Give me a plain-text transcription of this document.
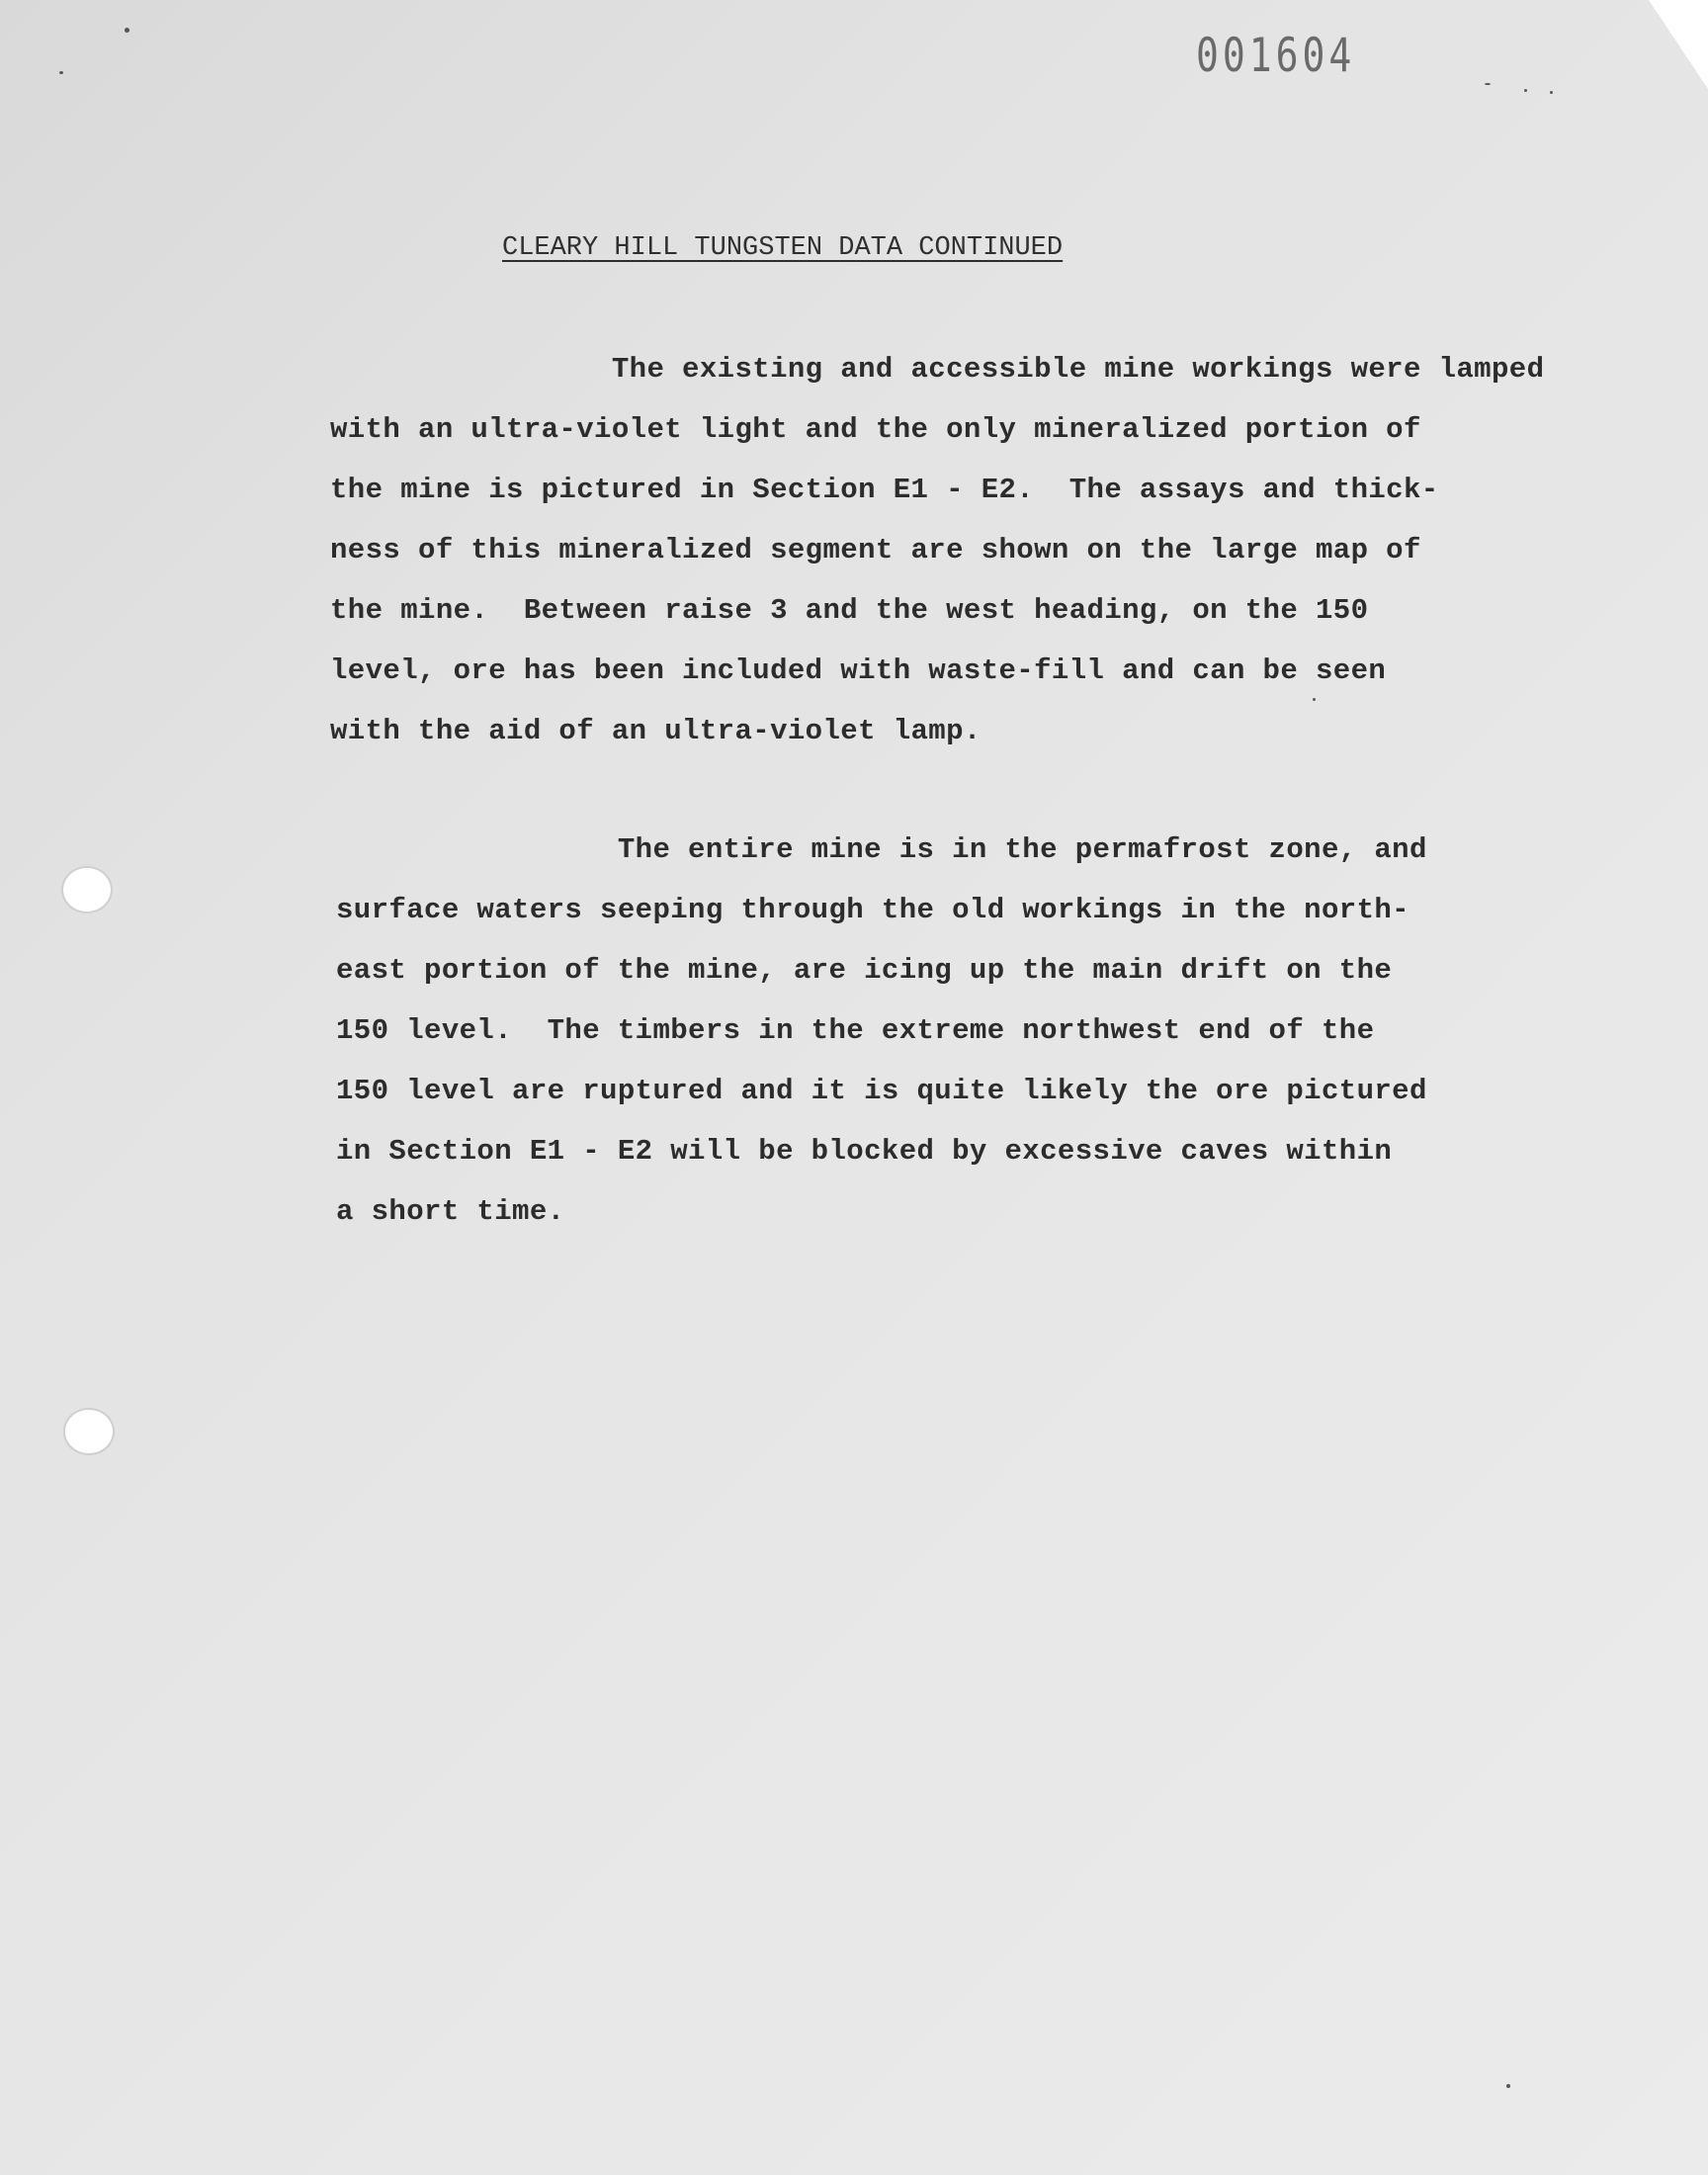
001604
CLEARY HILL TUNGSTEN DATA CONTINUED
The existing and accessible mine workings were lamped
with an ultra-violet light and the only mineralized portion of
the mine is pictured in Section E1 - E2.  The assays and thick-
ness of this mineralized segment are shown on the large map of
the mine.  Between raise 3 and the west heading, on the 150
level, ore has been included with waste-fill and can be seen
with the aid of an ultra-violet lamp.
The entire mine is in the permafrost zone, and
surface waters seeping through the old workings in the north-
east portion of the mine, are icing up the main drift on the
150 level.  The timbers in the extreme northwest end of the
150 level are ruptured and it is quite likely the ore pictured
in Section E1 - E2 will be blocked by excessive caves within
a short time.
